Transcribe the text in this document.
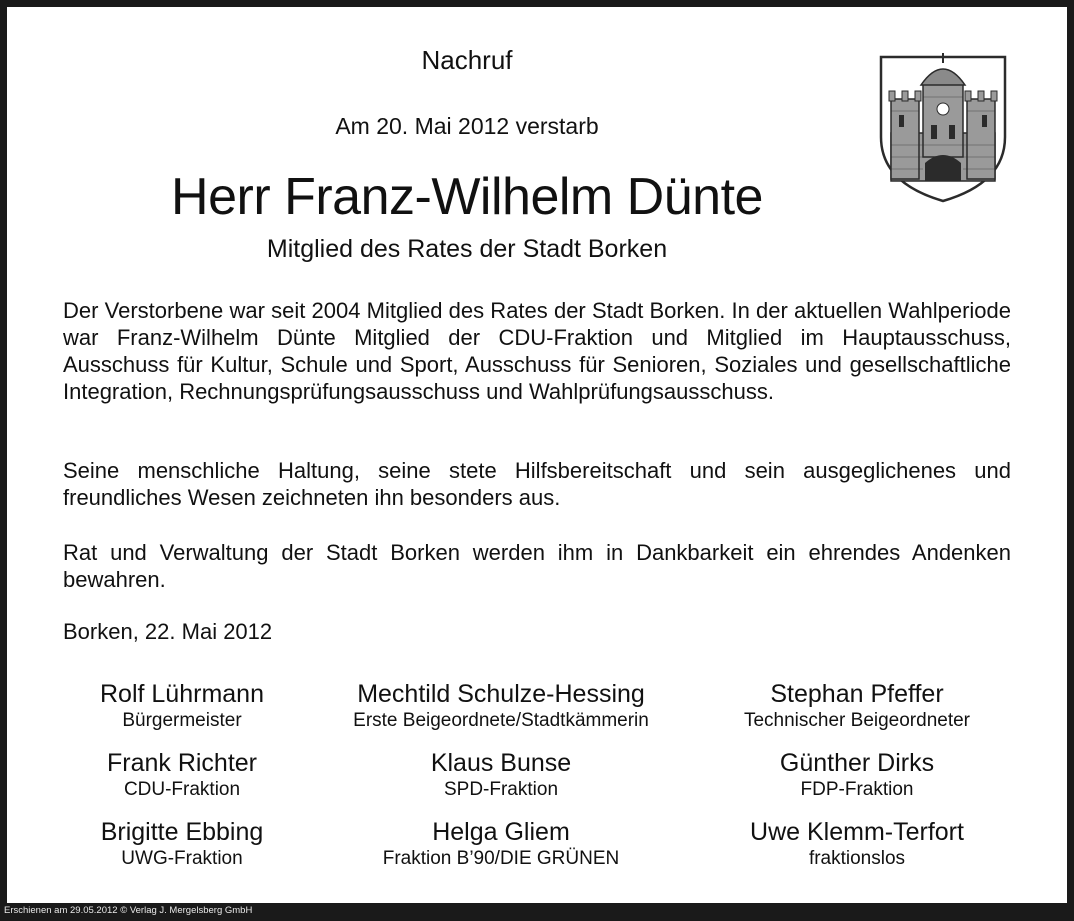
Nachruf
Am 20. Mai 2012 verstarb
Herr Franz-Wilhelm Dünte
Mitglied des Rates der Stadt Borken

Der Verstorbene war seit 2004 Mitglied des Rates der Stadt Borken. In der aktuellen Wahlperiode war Franz-Wilhelm Dünte Mitglied der CDU-Fraktion und Mitglied im Hauptausschuss, Ausschuss für Kultur, Schule und Sport, Ausschuss für Senioren, Soziales und gesellschaftliche Integration, Rechnungsprüfungsausschuss und Wahlprüfungsausschuss.

Seine menschliche Haltung, seine stete Hilfsbereitschaft und sein ausgeglichenes und freundliches Wesen zeichneten ihn besonders aus.

Rat und Verwaltung der Stadt Borken werden ihm in Dankbarkeit ein ehrendes Andenken bewahren.

Borken, 22. Mai 2012

Rolf Lührmann
Bürgermeister
Mechtild Schulze-Hessing
Erste Beigeordnete/Stadtkämmerin
Stephan Pfeffer
Technischer Beigeordneter
Frank Richter
CDU-Fraktion
Klaus Bunse
SPD-Fraktion
Günther Dirks
FDP-Fraktion
Brigitte Ebbing
UWG-Fraktion
Helga Gliem
Fraktion B’90/DIE GRÜNEN
Uwe Klemm-Terfort
fraktionslos
Erschienen am 29.05.2012 © Verlag J. Mergelsberg GmbH
